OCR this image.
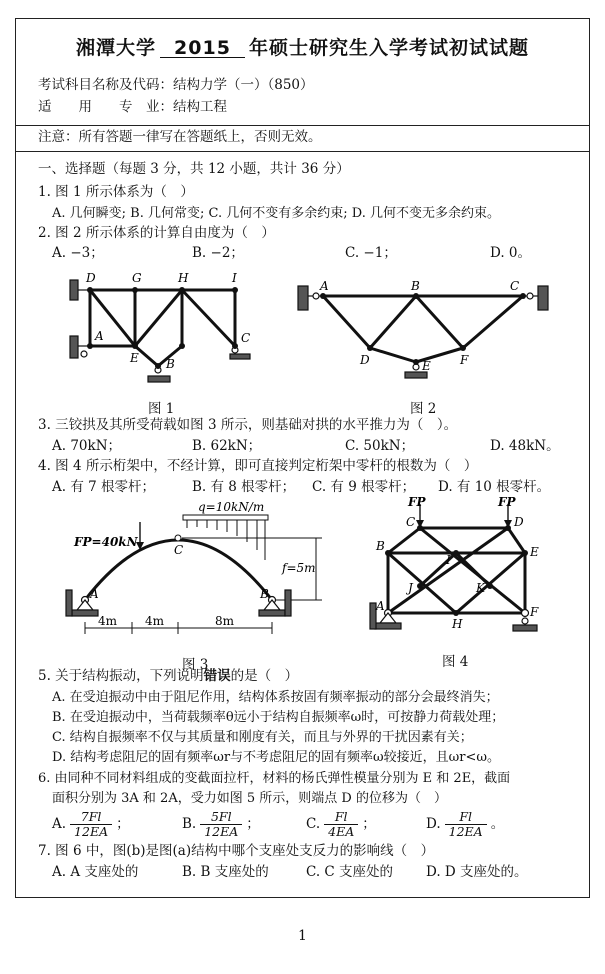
湘潭大学 2015 年硕士研究生入学考试初试试题
考试科目名称及代码：结构力学（一）（850）
适　　用　　专　业：结构工程
注意：所有答题一律写在答题纸上，否则无效。
一、选择题（每题 3 分，共 12 小题，共计 36 分）
1. 图 1 所示体系为（　）
A. 几何瞬变; B. 几何常变; C. 几何不变有多余约束; D. 几何不变无多余约束。
2. 图 2 所示体系的计算自由度为（　）
A. −3；	B. −2；	C. −1；	D. 0。
D	G	H	I
A
E
C
B
图 1
A	B	C
D	E F
图 2
3. 三铰拱及其所受荷载如图 3 所示，则基础对拱的水平推力为（　）。
A. 70kN；	B. 62kN；	C. 50kN；	D. 48kN。
4. 图 4 所示桁架中，不经计算，即可直接判定桁架中零杆的根数为（　）
A. 有 7 根零杆；	B. 有 8 根零杆； C. 有 9 根零杆； D. 有 10 根零杆。
FP=40kN
q=10kN/m
f=5m
A	B
C
4m 4m	8m
图 3
FP	FP
C	D
I
B	E
J	K
A	F
H
图 4
5. 关于结构振动，下列说明错误的是（　）
A. 在受迫振动中由于阻尼作用，结构体系按固有频率振动的部分会最终消失；
B. 在受迫振动中，当荷载频率θ远小于结构自振频率ω时，可按静力荷载处理；
C. 结构自振频率不仅与其质量和刚度有关，而且与外界的干扰因素有关；
D. 结构考虑阻尼的固有频率ωr与不考虑阻尼的固有频率ω较接近，且ωr<ω。
6. 由同种不同材料组成的变截面拉杆，材料的杨氏弹性模量分别为 E 和 2E，截面
面积分别为 3A 和 2A，受力如图 5 所示，则端点 D 的位移为（　）
A. $\frac{7Fl}{12EA}$ ；	B. $\frac{5Fl}{12EA}$ ；	C. $\frac{Fl}{4EA}$ ；	D. $\frac{Fl}{12EA}$ 。
7. 图 6 中，图(b)是图(a)结构中哪个支座处支反力的影响线（　）
A. A 支座处的	B. B 支座处的	C. C 支座处的 D. D 支座处的。
1
